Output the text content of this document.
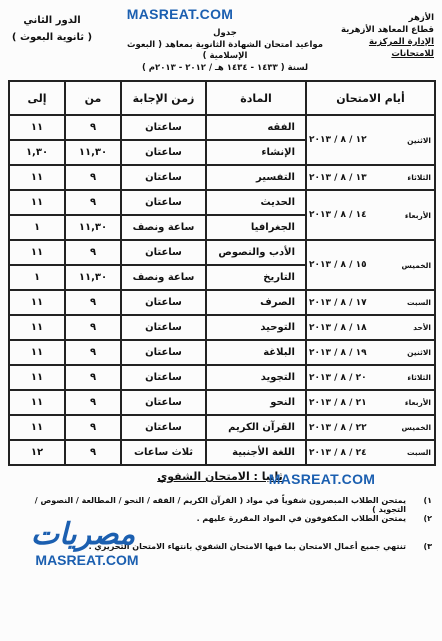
MASREAT.COM	الأزهر
قطاع المعاهد الأزهرية
الإدارة المركزية للامتحانات
جدول
مواعيد امتحان الشهادة الثانوية بمعاهد ( البعوث الإسلامية )
لسنة ( ١٤٣٣ - ١٤٣٤ هـ / ٢٠١٢ - ٢٠١٣م )
الدور الثاني
( ثانوية البعوث )
أيام الامتحان		المادة	زمن الإجابة	من	إلى
الاثنين	١٢ / ٨ / ٢٠١٣	الفقه	ساعتان	٩	١١
		الإنشاء	ساعتان	١١,٣٠	١,٣٠
الثلاثاء	١٣ / ٨ / ٢٠١٣	التفسير	ساعتان	٩	١١
الأربعاء	١٤ / ٨ / ٢٠١٣	الحديث	ساعتان	٩	١١
		الجغرافيا	ساعة ونصف	١١,٣٠	١
الخميس	١٥ / ٨ / ٢٠١٣	الأدب والنصوص	ساعتان	٩	١١
		التاريخ	ساعة ونصف	١١,٣٠	١
السبت	١٧ / ٨ / ٢٠١٣	الصرف	ساعتان	٩	١١
الأحد	١٨ / ٨ / ٢٠١٣	التوحيد	ساعتان	٩	١١
الاثنين	١٩ / ٨ / ٢٠١٣	البلاغة	ساعتان	٩	١١
الثلاثاء	٢٠ / ٨ / ٢٠١٣	التجويد	ساعتان	٩	١١
الأربعاء	٢١ / ٨ / ٢٠١٣	النحو	ساعتان	٩	١١
الخميس	٢٢ / ٨ / ٢٠١٣	القرآن الكريم	ساعتان	٩	١١
السبت	٢٤ / ٨ / ٢٠١٣	اللغة الأجنبية	ثلاث ساعات	٩	١٢
ثانيا : الامتحان الشفوي
MASREAT.COM
١)
يمتحن الطلاب المبصرون شفوياً في مواد ( القرآن الكريم / الفقه / النحو / المطالعة / النصوص / التجويد )
٢)
يمتحن الطلاب المكفوفون في المواد المقررة عليهم .
٣)
تنتهي جميع أعمال الامتحان بما فيها الامتحان الشفوي بانتهاء الامتحان التحريري .
مصريات
MASREAT.COM
